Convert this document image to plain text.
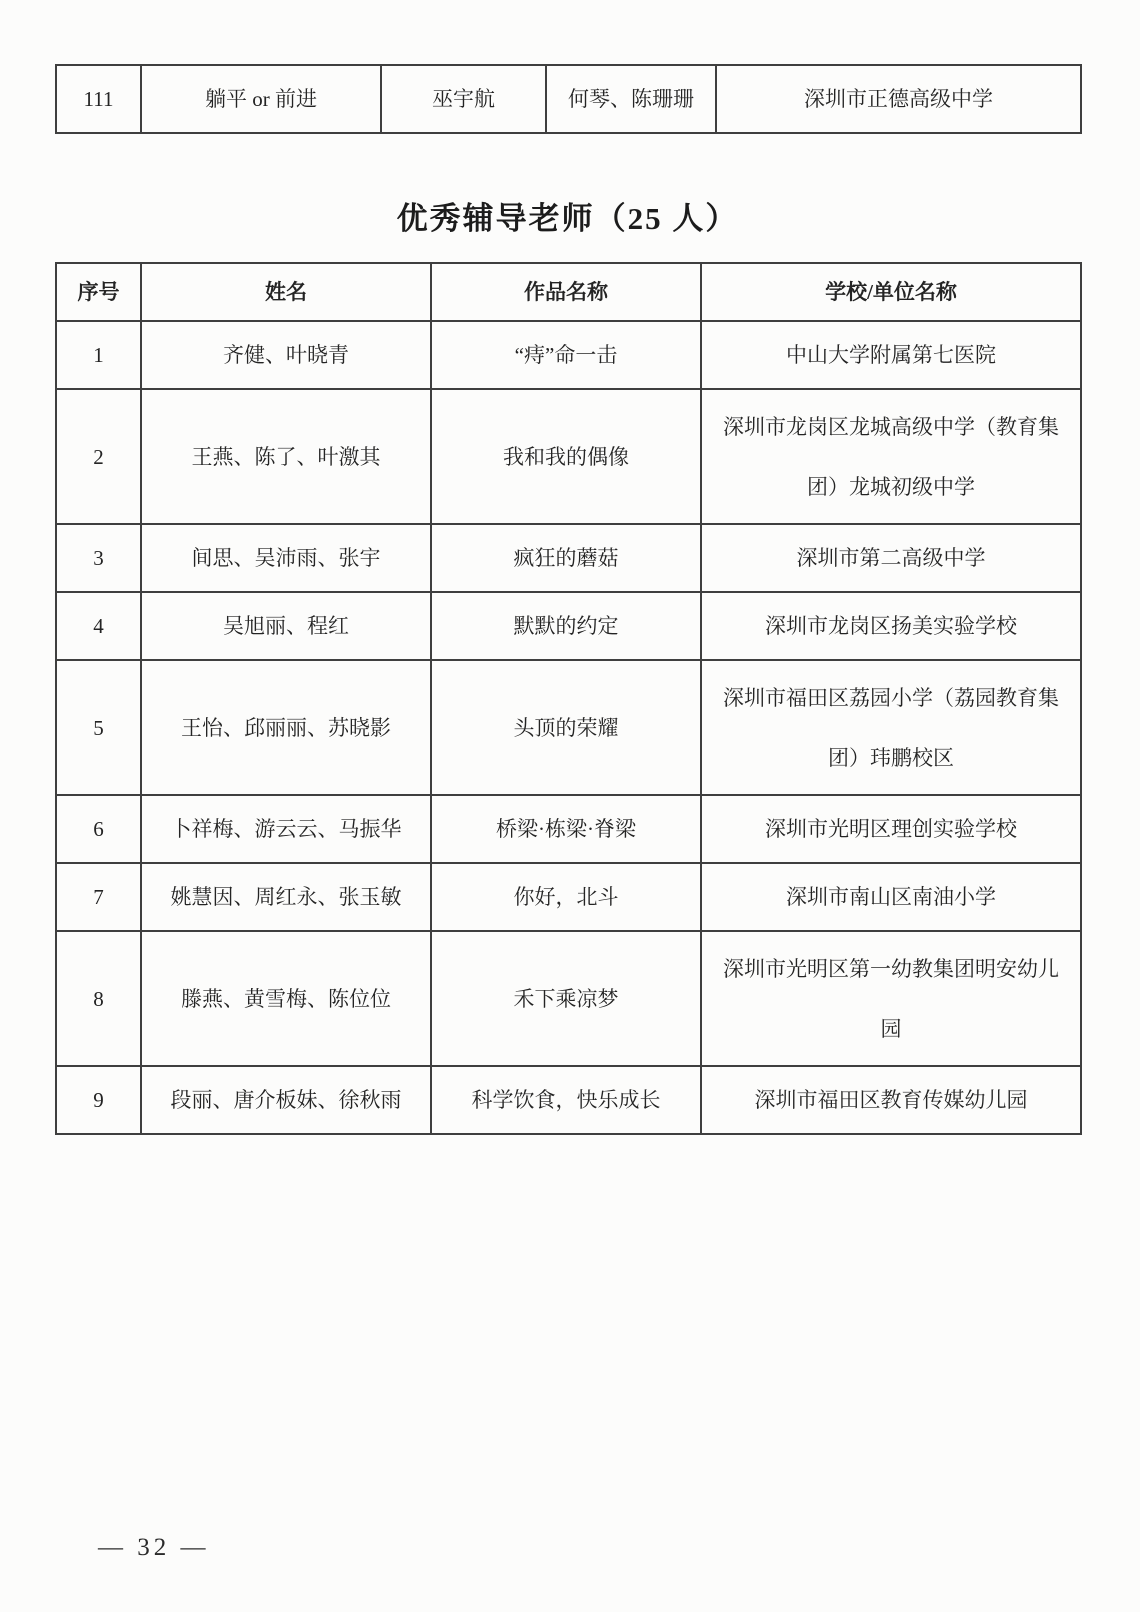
111	躺平 or 前进	巫宇航	何琴、陈珊珊	深圳市正德高级中学
优秀辅导老师（25 人）
序号	姓名	作品名称	学校/单位名称
1	齐健、叶晓青	“痔”命一击	中山大学附属第七医院
2	王燕、陈了、叶激其	我和我的偶像	深圳市龙岗区龙城高级中学（教育集团）龙城初级中学
3	间思、吴沛雨、张宇	疯狂的蘑菇	深圳市第二高级中学
4	吴旭丽、程红	默默的约定	深圳市龙岗区扬美实验学校
5	王怡、邱丽丽、苏晓影	头顶的荣耀	深圳市福田区荔园小学（荔园教育集团）玮鹏校区
6	卜祥梅、游云云、马振华	桥梁·栋梁·脊梁	深圳市光明区理创实验学校
7	姚慧因、周红永、张玉敏	你好，北斗	深圳市南山区南油小学
8	滕燕、黄雪梅、陈位位	禾下乘凉梦	深圳市光明区第一幼教集团明安幼儿园
9	段丽、唐介板妹、徐秋雨	科学饮食，快乐成长	深圳市福田区教育传媒幼儿园
— 32 —
